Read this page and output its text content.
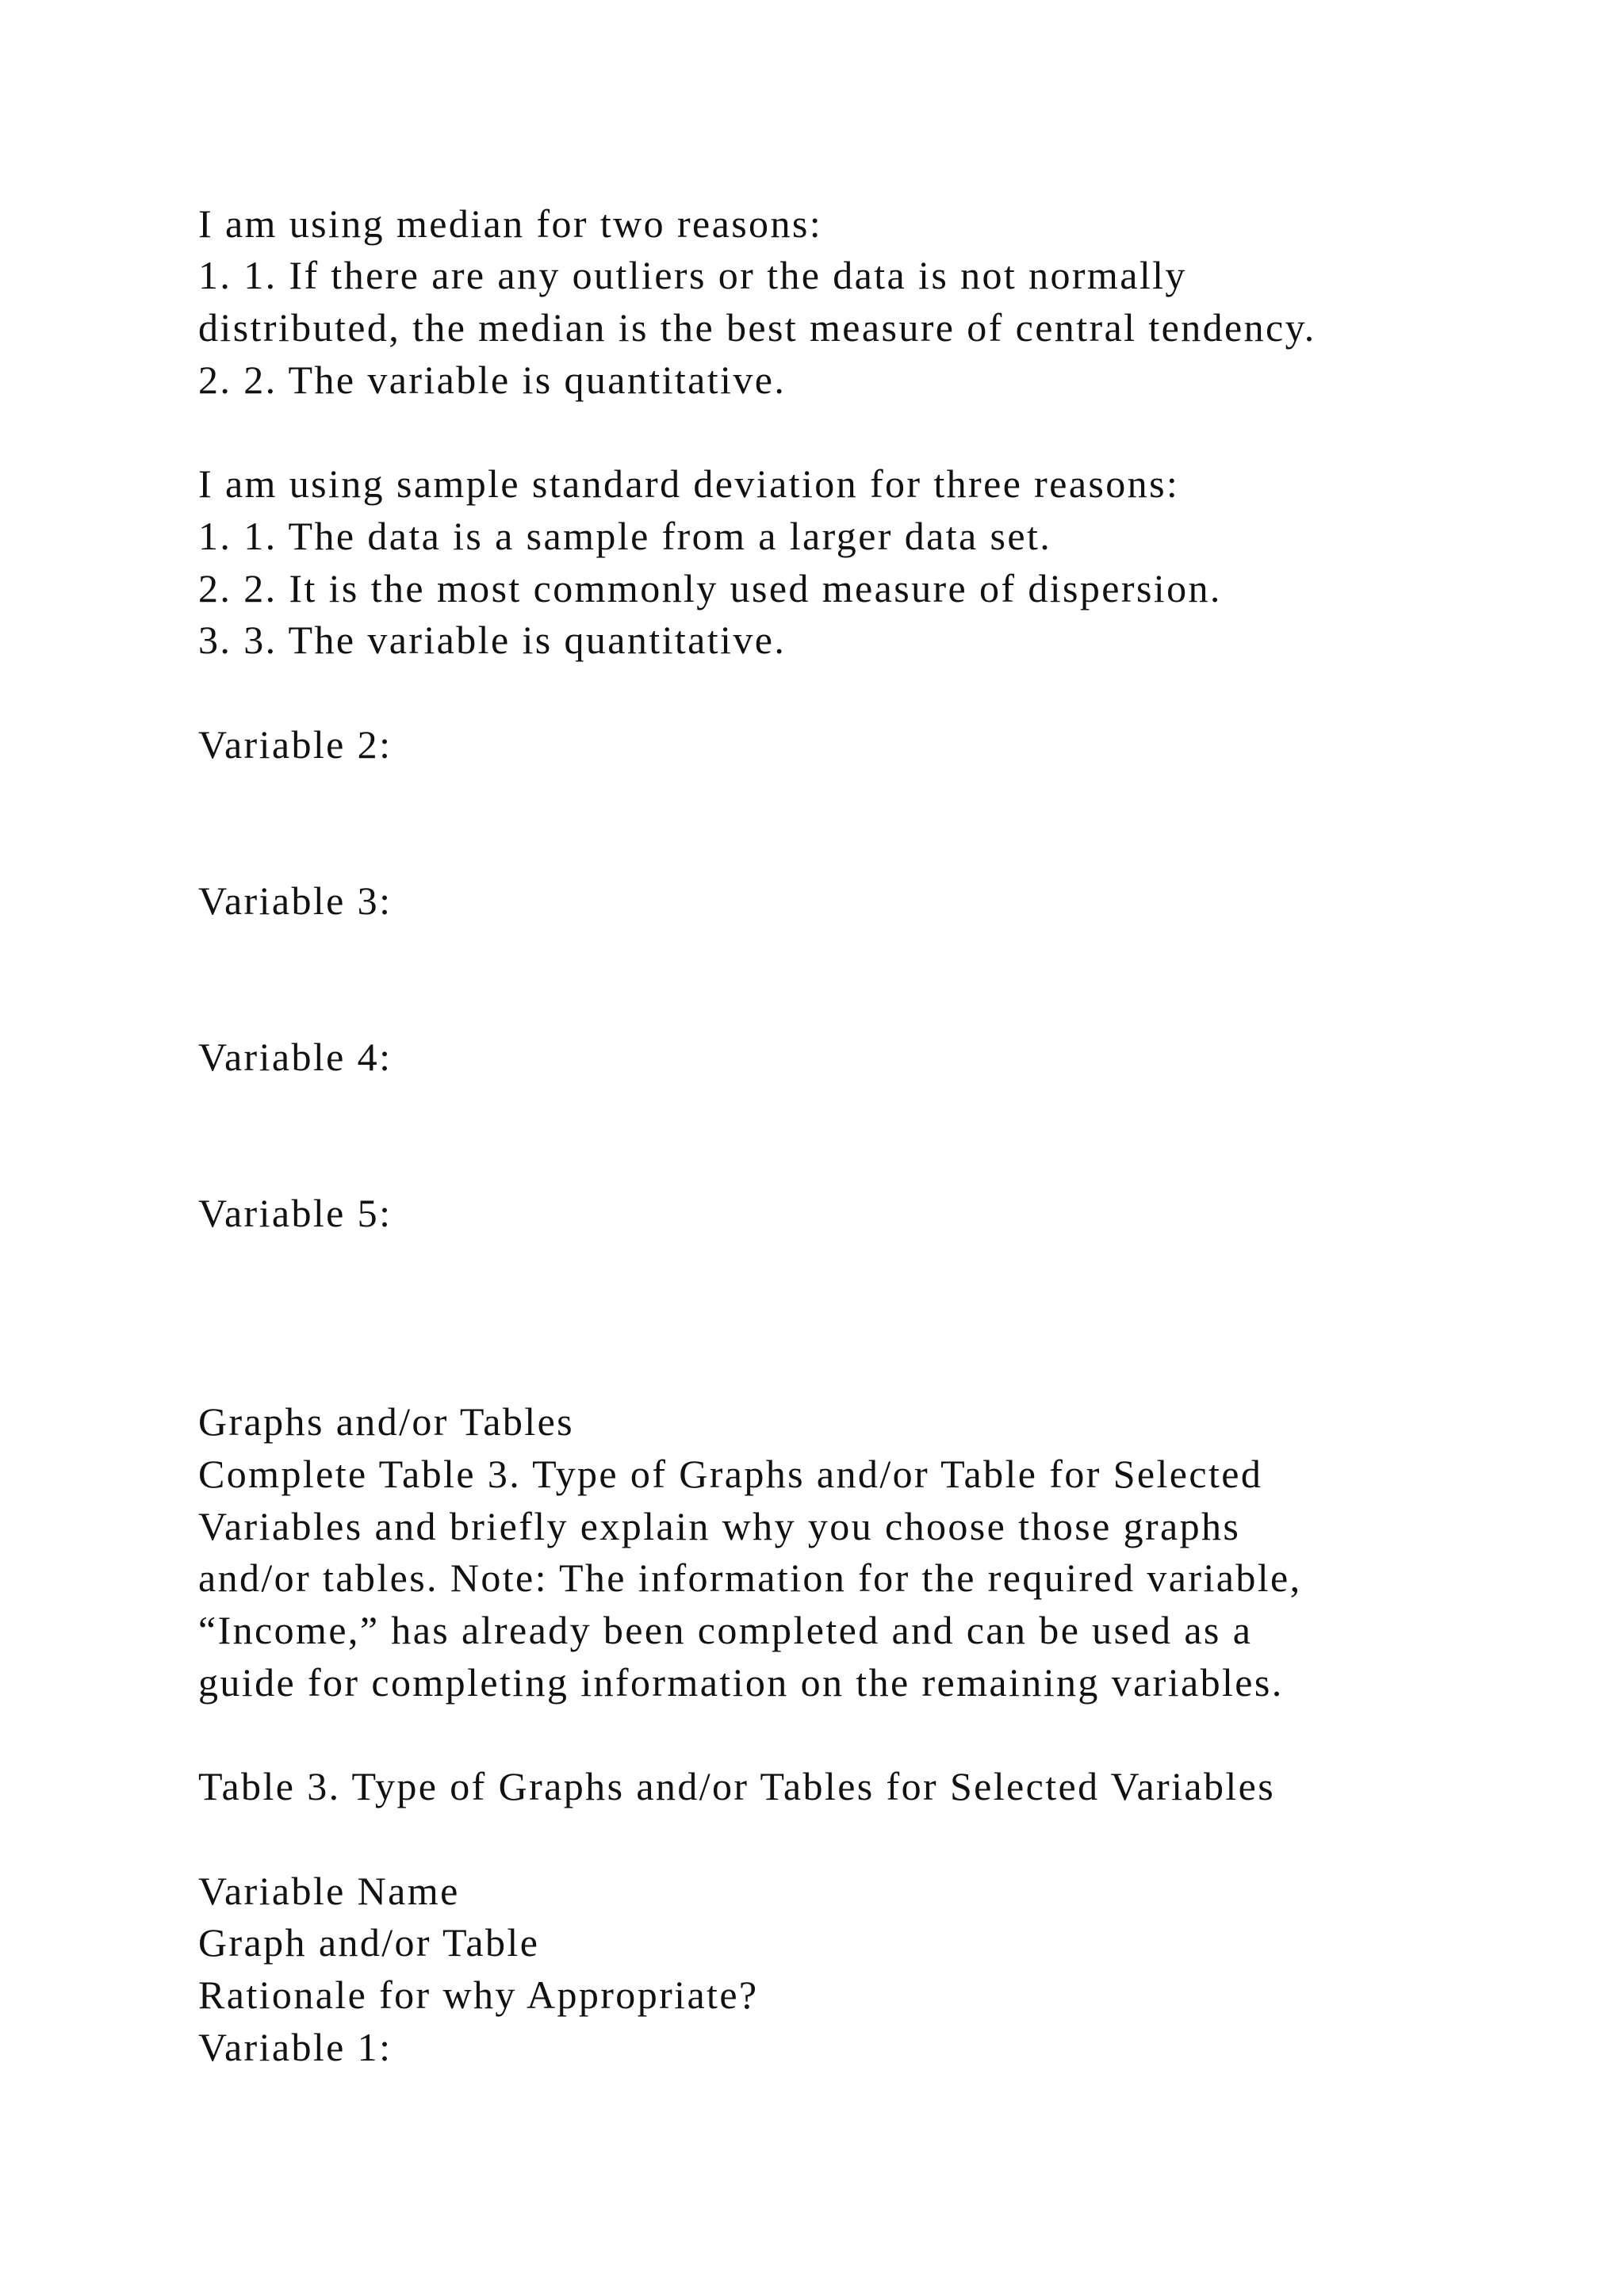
I am using median for two reasons:
1. 1. If there are any outliers or the data is not normally
distributed, the median is the best measure of central tendency.
2. 2. The variable is quantitative.
I am using sample standard deviation for three reasons:
1. 1. The data is a sample from a larger data set.
2. 2. It is the most commonly used measure of dispersion.
3. 3. The variable is quantitative.
Variable 2:
Variable 3:
Variable 4:
Variable 5:
Graphs and/or Tables
Complete Table 3. Type of Graphs and/or Table for Selected
Variables and briefly explain why you choose those graphs
and/or tables. Note: The information for the required variable,
“Income,” has already been completed and can be used as a
guide for completing information on the remaining variables.
Table 3. Type of Graphs and/or Tables for Selected Variables
Variable Name
Graph and/or Table
Rationale for why Appropriate?
Variable 1:
